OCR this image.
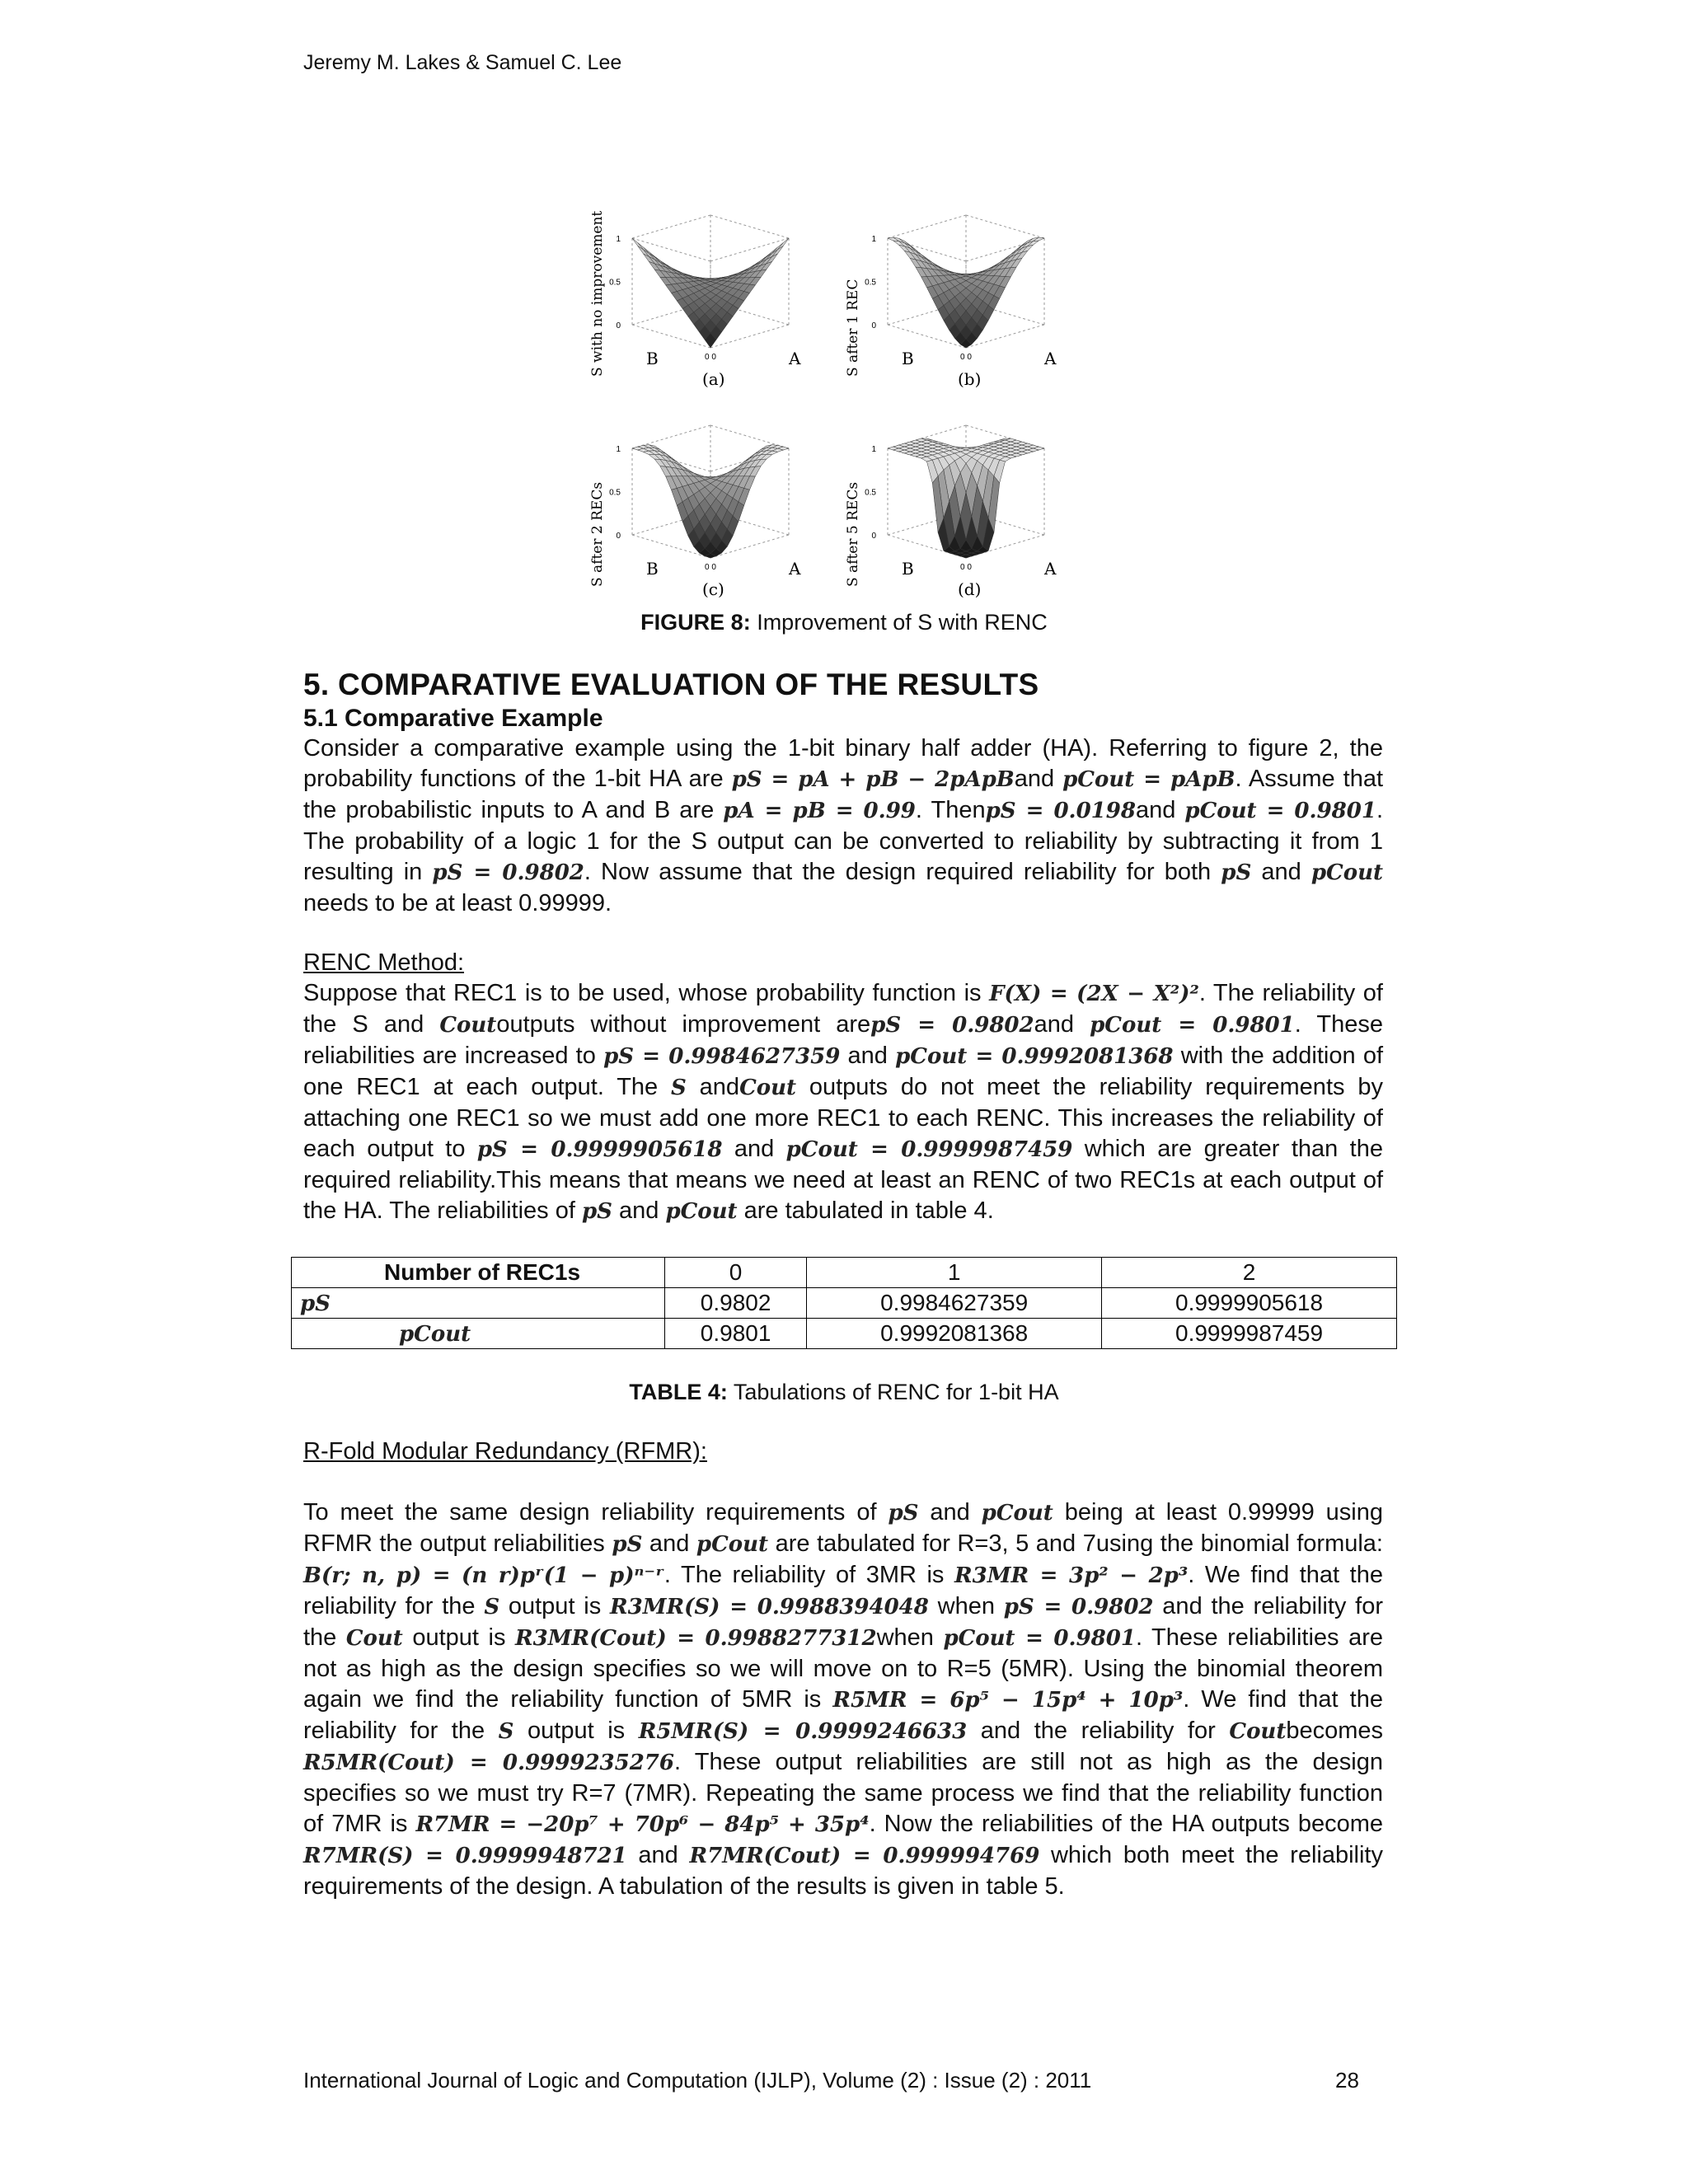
Jeremy M. Lakes & Samuel C. Lee
1
0.5
0
0 0
S with no improvement B	A
(a)
1
0.5
0
0 0
S after 1 REC B	A
(b)
1
0.5
0
0 0
S after 2 RECs B	A
(c)
1
0.5
0
0 0
S after 5 RECs B	A
(d)
FIGURE 8: Improvement of S with RENC
5. COMPARATIVE EVALUATION OF THE RESULTS
5.1 Comparative Example

Consider a comparative example using the 1-bit binary half adder (HA). Referring to figure 2, the probability functions of the 1-bit HA are pS = pA + pB − 2pApBand pCout = pApB. Assume that the probabilistic inputs to A and B are pA = pB = 0.99. ThenpS = 0.0198and pCout = 0.9801. The probability of a logic 1 for the S output can be converted to reliability by subtracting it from 1 resulting in pS = 0.9802. Now assume that the design required reliability for both pS and pCout needs to be at least 0.99999.

RENC Method:

Suppose that REC1 is to be used, whose probability function is F(X) = (2X − X²)². The reliability of the S and Coutoutputs without improvement arepS = 0.9802and pCout = 0.9801. These reliabilities are increased to pS = 0.9984627359 and pCout = 0.9992081368 with the addition of one REC1 at each output. The S andCout outputs do not meet the reliability requirements by attaching one REC1 so we must add one more REC1 to each RENC. This increases the reliability of each output to pS = 0.9999905618 and pCout = 0.9999987459 which are greater than the required reliability.This means that means we need at least an RENC of two REC1s at each output of the HA. The reliabilities of pS and pCout are tabulated in table 4.

Number of REC1s	0	1	2
pS	0.9802	0.9984627359	0.9999905618
pCout	0.9801	0.9992081368	0.9999987459
TABLE 4: Tabulations of RENC for 1-bit HA

R-Fold Modular Redundancy (RFMR):

To meet the same design reliability requirements of pS and pCout being at least 0.99999 using RFMR the output reliabilities pS and pCout are tabulated for R=3, 5 and 7using the binomial formula: B(r; n, p) = (n r)pʳ(1 − p)ⁿ⁻ʳ. The reliability of 3MR is R3MR = 3p² − 2p³. We find that the reliability for the S output is R3MR(S) = 0.9988394048 when pS = 0.9802 and the reliability for the Cout output is R3MR(Cout) = 0.9988277312when pCout = 0.9801. These reliabilities are not as high as the design specifies so we will move on to R=5 (5MR). Using the binomial theorem again we find the reliability function of 5MR is R5MR = 6p⁵ − 15p⁴ + 10p³. We find that the reliability for the S output is R5MR(S) = 0.9999246633 and the reliability for Coutbecomes R5MR(Cout) = 0.9999235276. These output reliabilities are still not as high as the design specifies so we must try R=7 (7MR). Repeating the same process we find that the reliability function of 7MR is R7MR = −20p⁷ + 70p⁶ − 84p⁵ + 35p⁴. Now the reliabilities of the HA outputs become R7MR(S) = 0.9999948721 and R7MR(Cout) = 0.999994769 which both meet the reliability requirements of the design. A tabulation of the results is given in table 5.

International Journal of Logic and Computation (IJLP), Volume (2) : Issue (2) : 2011	28
